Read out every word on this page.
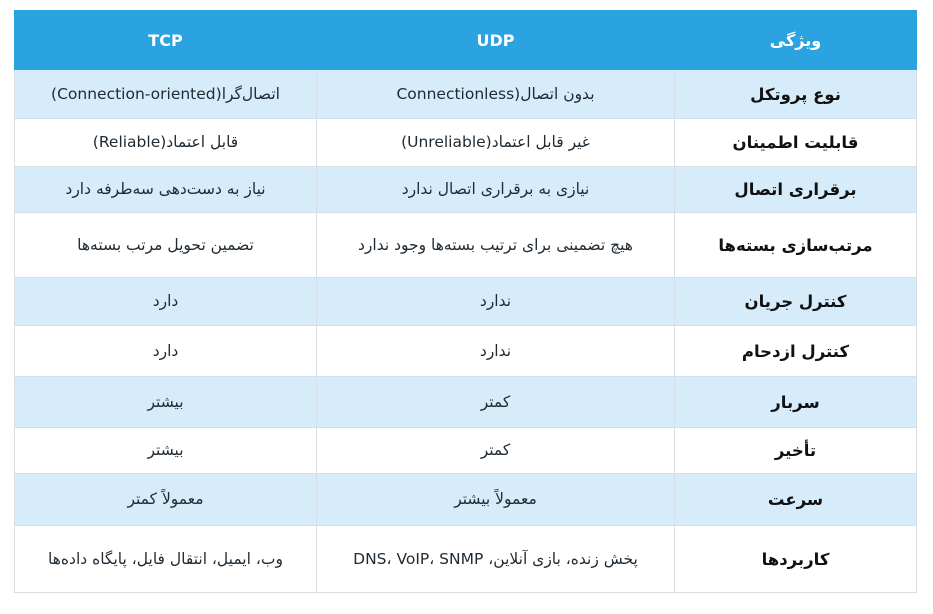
TCP	UDP	ویژگی
اتصال‌گرا(Connection-oriented)	بدون اتصال(Connectionless	نوع پروتکل
قابل اعتماد(Reliable)	غیر قابل اعتماد(Unreliable)	قابلیت اطمینان
نیاز به دست‌دهی سه‌طرفه دارد	نیازی به برقراری اتصال ندارد	برقراری اتصال
تضمین تحویل مرتب بسته‌ها	هیچ تضمینی برای ترتیب بسته‌ها وجود ندارد	مرتب‌سازی بسته‌ها
دارد	ندارد	کنترل جریان
دارد	ندارد	کنترل ازدحام
بیشتر	کمتر	سربار
بیشتر	کمتر	تأخیر
معمولاً کمتر	معمولاً بیشتر	سرعت
وب، ایمیل، انتقال فایل، پایگاه داده‌ها	پخش زنده، بازی آنلاین، DNS، VoIP، SNMP	کاربردها
